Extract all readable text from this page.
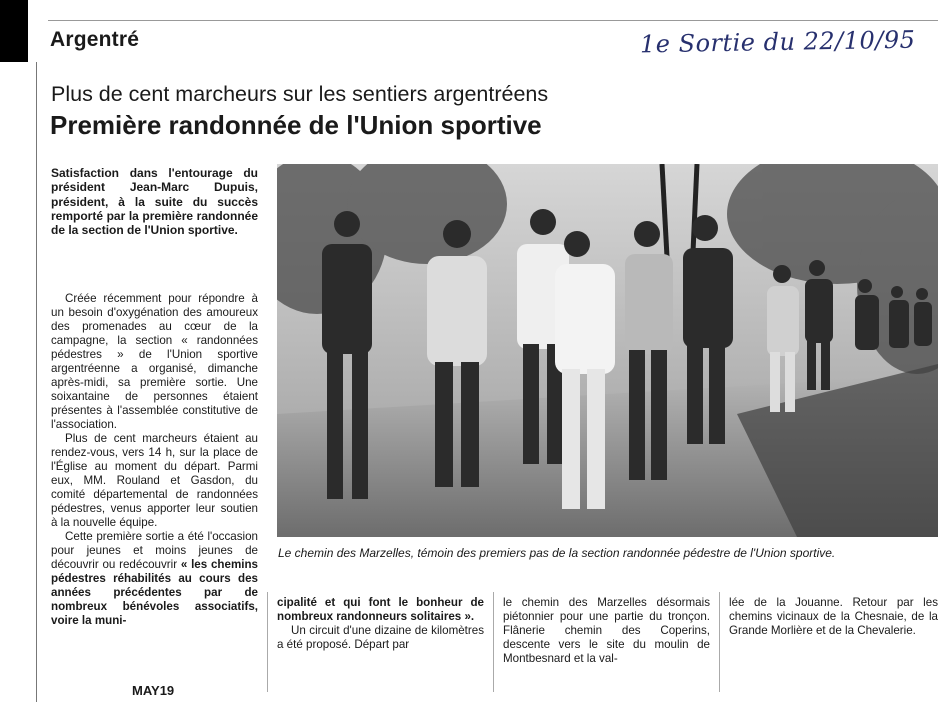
Argentré	1e Sortie du 22/10/95
Plus de cent marcheurs sur les sentiers argentréens
Première randonnée de l'Union sportive
Satisfaction dans l'entourage du président Jean-Marc Dupuis, président, à la suite du succès remporté par la première randonnée de la section de l'Union sportive.

Créée récemment pour répondre à un besoin d'oxygénation des amoureux des promenades au cœur de la campagne, la section « randonnées pédestres » de l'Union sportive argentréenne a organisé, dimanche après-midi, sa première sortie. Une soixantaine de personnes étaient présentes à l'assemblée constitutive de l'association.

Plus de cent marcheurs étaient au rendez-vous, vers 14 h, sur la place de l'Église au moment du départ. Parmi eux, MM. Rouland et Gasdon, du comité départemental de randonnées pédestres, venus apporter leur soutien à la nouvelle équipe.

Cette première sortie a été l'occasion pour jeunes et moins jeunes de découvrir ou redécouvrir « les chemins pédestres réhabilités au cours des années précédentes par de nombreux bénévoles associatifs, voire la muni-

Le chemin des Marzelles, témoin des premiers pas de la section randonnée pédestre de l'Union sportive.

cipalité et qui font le bonheur de nombreux randonneurs solitaires ».

Un circuit d'une dizaine de kilomètres a été proposé. Départ par

le chemin des Marzelles désormais piétonnier pour une partie du tronçon. Flânerie chemin des Coperins, descente vers le site du moulin de Montbesnard et la val-

lée de la Jouanne. Retour par les chemins vicinaux de la Chesnaie, de la Grande Morlière et de la Chevalerie.

MAY19
